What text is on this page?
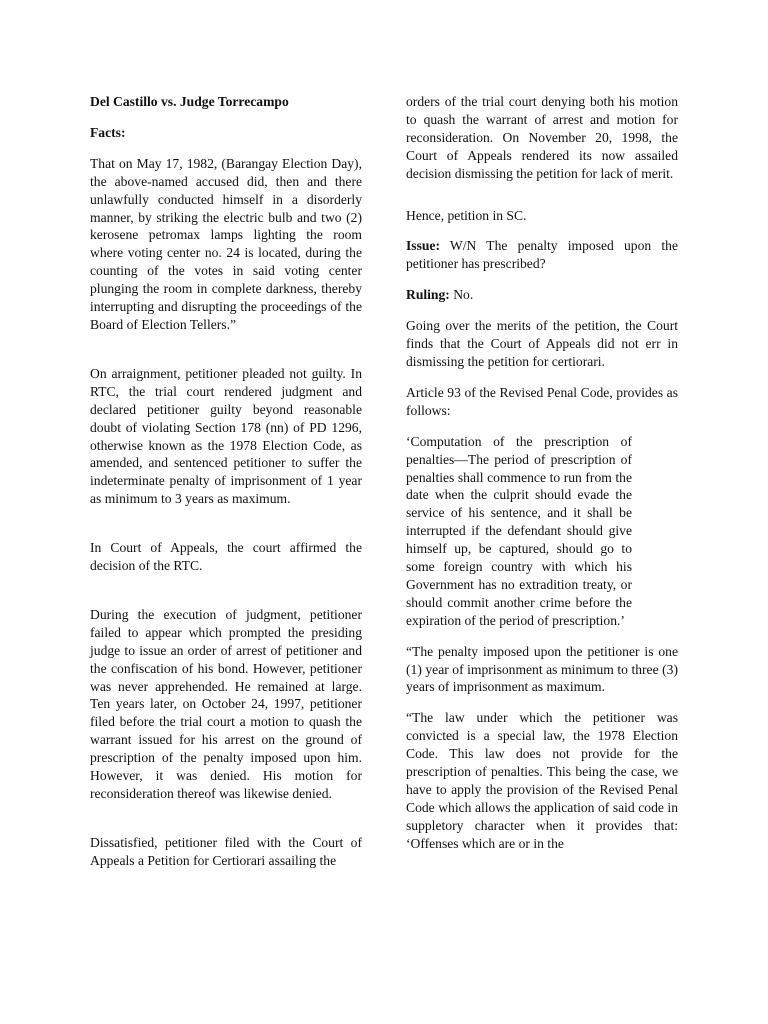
Del Castillo vs. Judge Torrecampo

Facts:

That on May 17, 1982, (Barangay Election Day), the above-named accused did, then and there unlawfully conducted himself in a disorderly manner, by striking the electric bulb and two (2) kerosene petromax lamps lighting the room where voting center no. 24 is located, during the counting of the votes in said voting center plunging the room in complete darkness, thereby interrupting and disrupting the proceedings of the Board of Election Tellers.”

On arraignment, petitioner pleaded not guilty. In RTC, the trial court rendered judgment and declared petitioner guilty beyond reasonable doubt of violating Section 178 (nn) of PD 1296, otherwise known as the 1978 Election Code, as amended, and sentenced petitioner to suffer the indeterminate penalty of imprisonment of 1 year as minimum to 3 years as maximum.

In Court of Appeals, the court affirmed the decision of the RTC.

During the execution of judgment, petitioner failed to appear which prompted the presiding judge to issue an order of arrest of petitioner and the confiscation of his bond. However, petitioner was never apprehended. He remained at large. Ten years later, on October 24, 1997, petitioner filed before the trial court a motion to quash the warrant issued for his arrest on the ground of prescription of the penalty imposed upon him. However, it was denied. His motion for reconsideration thereof was likewise denied.

Dissatisfied, petitioner filed with the Court of Appeals a Petition for Certiorari assailing the

orders of the trial court denying both his motion to quash the warrant of arrest and motion for reconsideration. On November 20, 1998, the Court of Appeals rendered its now assailed decision dismissing the petition for lack of merit.

Hence, petition in SC.

Issue: W/N The penalty imposed upon the petitioner has prescribed?

Ruling: No.

Going over the merits of the petition, the Court finds that the Court of Appeals did not err in dismissing the petition for certiorari.

Article 93 of the Revised Penal Code, provides as follows:

‘Computation of the prescription of penalties—The period of prescription of penalties shall commence to run from the date when the culprit should evade the service of his sentence, and it shall be interrupted if the defendant should give himself up, be captured, should go to some foreign country with which his Government has no extradition treaty, or should commit another crime before the expiration of the period of prescription.’

“The penalty imposed upon the petitioner is one (1) year of imprisonment as minimum to three (3) years of imprisonment as maximum.

“The law under which the petitioner was convicted is a special law, the 1978 Election Code. This law does not provide for the prescription of penalties. This being the case, we have to apply the provision of the Revised Penal Code which allows the application of said code in suppletory character when it provides that: ‘Offenses which are or in the
